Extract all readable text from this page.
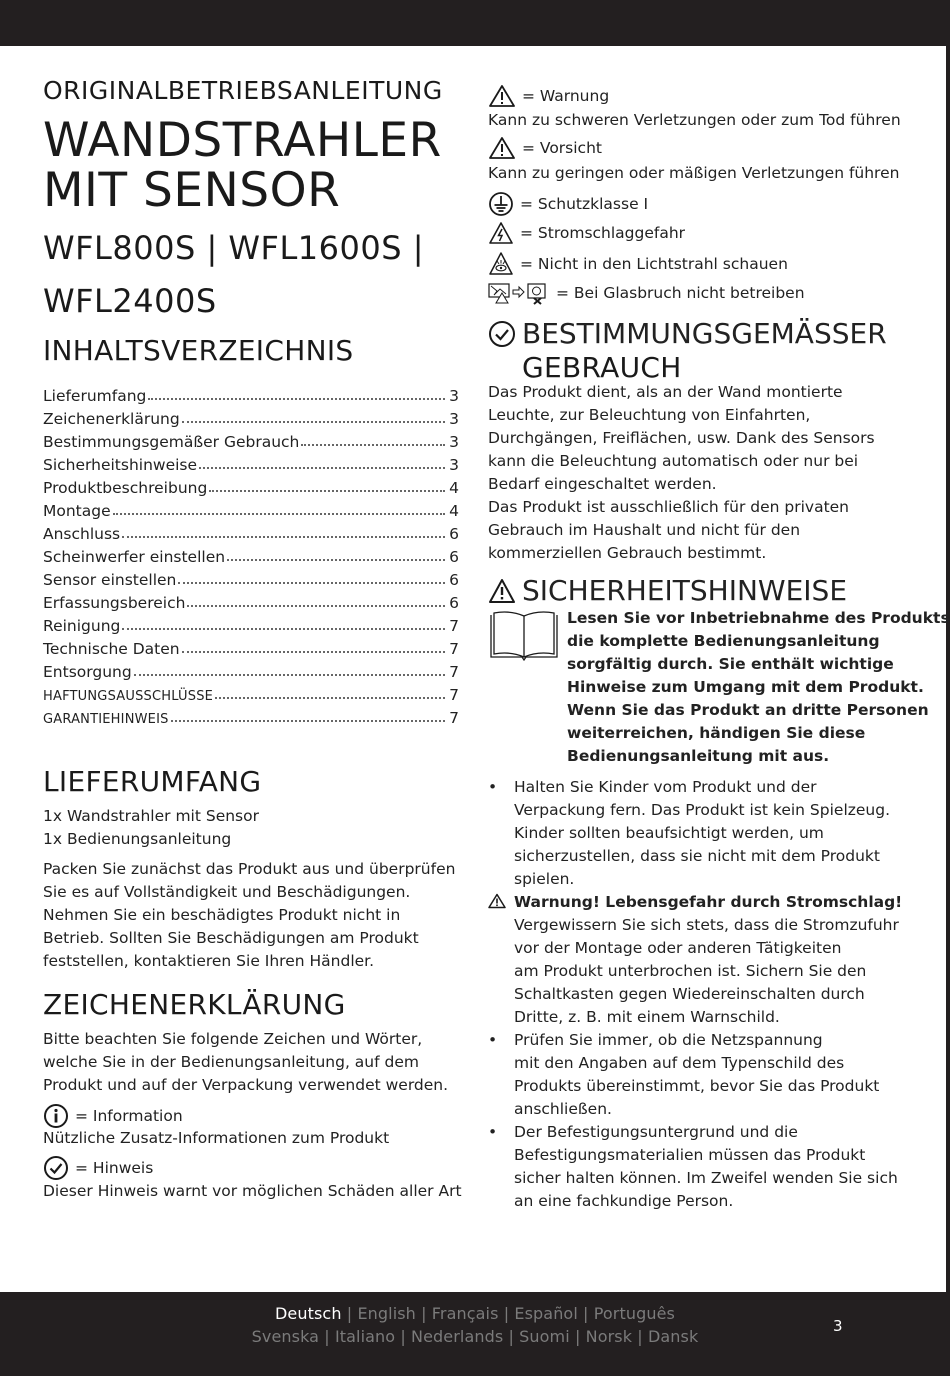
ORIGINALBETRIEBSANLEITUNG
WANDSTRAHLER
MIT SENSOR
WFL800S | WFL1600S |
WFL2400S
INHALTSVERZEICHNIS
Lieferumfang	3
Zeichenerklärung	3
Bestimmungsgemäßer Gebrauch	3
Sicherheitshinweise	3
Produktbeschreibung	4
Montage	4
Anschluss	6
Scheinwerfer einstellen	6
Sensor einstellen	6
Erfassungsbereich	6
Reinigung	7
Technische Daten	7
Entsorgung	7
HAFTUNGSAUSSCHLÜSSE	7
GARANTIEHINWEIS	7
LIEFERUMFANG

1x Wandstrahler mit Sensor

1x Bedienungsanleitung

Packen Sie zunächst das Produkt aus und überprüfen

Sie es auf Vollständigkeit und Beschädigungen.

Nehmen Sie ein beschädigtes Produkt nicht in

Betrieb. Sollten Sie Beschädigungen am Produkt

feststellen, kontaktieren Sie Ihren Händler.

ZEICHENERKLÄRUNG

Bitte beachten Sie folgende Zeichen und Wörter,

welche Sie in der Bedienungsanleitung, auf dem

Produkt und auf der Verpackung verwendet werden.

= Information

Nützliche Zusatz-Informationen zum Produkt

= Hinweis

Dieser Hinweis warnt vor möglichen Schäden aller Art

= Warnung

Kann zu schweren Verletzungen oder zum Tod führen

= Vorsicht

Kann zu geringen oder mäßigen Verletzungen führen

= Schutzklasse I
= Stromschlaggefahr
= Nicht in den Lichtstrahl schauen
= Bei Glasbruch nicht betreiben
BESTIMMUNGSGEMÄSSER
GEBRAUCH

Das Produkt dient, als an der Wand montierte

Leuchte, zur Beleuchtung von Einfahrten,

Durchgängen, Freiflächen, usw. Dank des Sensors

kann die Beleuchtung automatisch oder nur bei

Bedarf eingeschaltet werden.

Das Produkt ist ausschließlich für den privaten

Gebrauch im Haushalt und nicht für den

kommerziellen Gebrauch bestimmt.

SICHERHEITSHINWEISE

Lesen Sie vor Inbetriebnahme des Produkts

die komplette Bedienungsanleitung

sorgfältig durch. Sie enthält wichtige

Hinweise zum Umgang mit dem Produkt.

Wenn Sie das Produkt an dritte Personen

weiterreichen, händigen Sie diese

Bedienungsanleitung mit aus.

•	Halten Sie Kinder vom Produkt und der

Verpackung fern. Das Produkt ist kein Spielzeug.

Kinder sollten beaufsichtigt werden, um

sicherzustellen, dass sie nicht mit dem Produkt

spielen.

Warnung! Lebensgefahr durch Stromschlag!

Vergewissern Sie sich stets, dass die Stromzufuhr

vor der Montage oder anderen Tätigkeiten

am Produkt unterbrochen ist. Sichern Sie den

Schaltkasten gegen Wiedereinschalten durch

Dritte, z. B. mit einem Warnschild.

•	Prüfen Sie immer, ob die Netzspannung

mit den Angaben auf dem Typenschild des

Produkts übereinstimmt, bevor Sie das Produkt

anschließen.

•	Der Befestigungsuntergrund und die

Befestigungsmaterialien müssen das Produkt

sicher halten können. Im Zweifel wenden Sie sich

an eine fachkundige Person.

Deutsch | English | Français | Español | Português
Svenska | Italiano | Nederlands | Suomi | Norsk | Dansk
3
